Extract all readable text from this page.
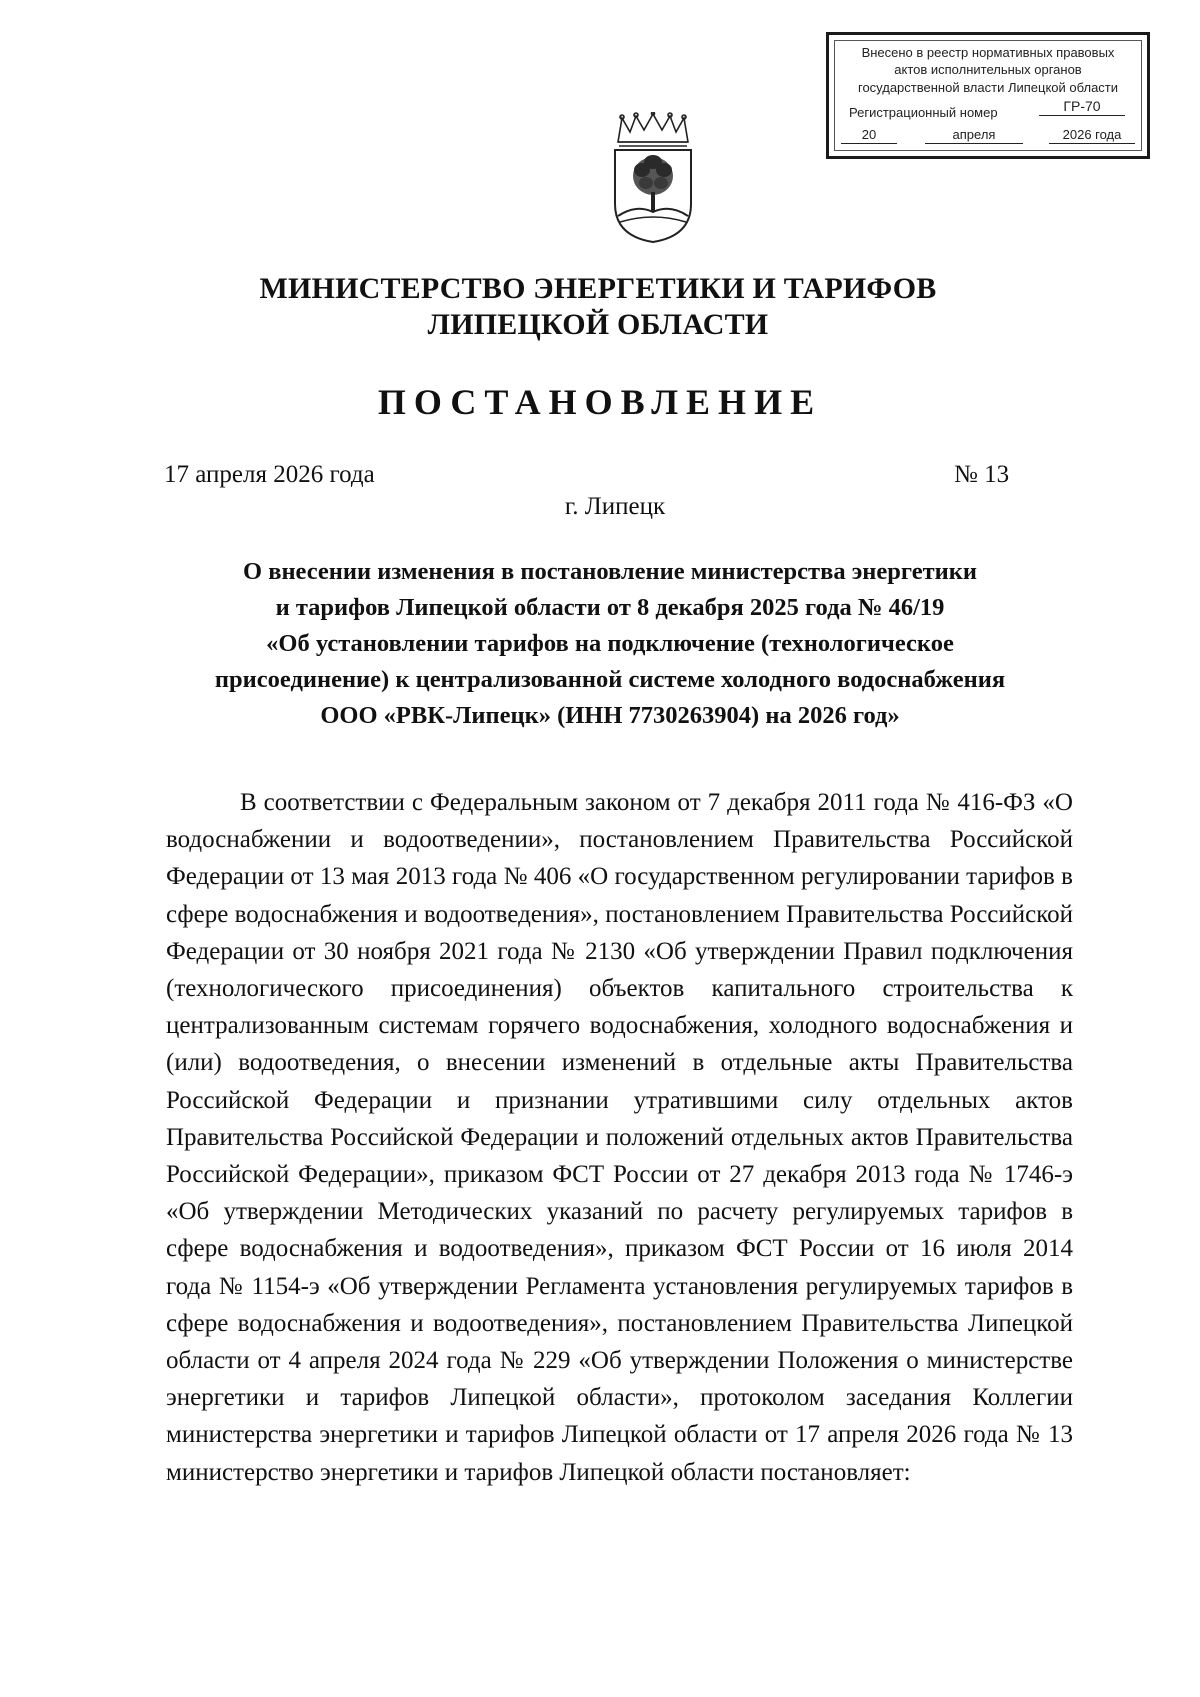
Внесено в реестр нормативных правовых
актов исполнительных органов
государственной власти Липецкой области
Регистрационный номер	ГР-70
20	апреля	2026 года
МИНИСТЕРСТВО ЭНЕРГЕТИКИ И ТАРИФОВ
ЛИПЕЦКОЙ ОБЛАСТИ
ПОСТАНОВЛЕНИЕ
17 апреля 2026 года	№ 13
г. Липецк
О внесении изменения в постановление министерства энергетики
и тарифов Липецкой области от 8 декабря 2025 года № 46/19
«Об установлении тарифов на подключение (технологическое
присоединение) к централизованной системе холодного водоснабжения
ООО «РВК-Липецк» (ИНН 7730263904) на 2026 год»
В соответствии с Федеральным законом от 7 декабря 2011 года № 416-ФЗ «О водоснабжении и водоотведении», постановлением Правительства Российской Федерации от 13 мая 2013 года № 406 «О государственном регулировании тарифов в сфере водоснабжения и водоотведения», постановлением Правительства Российской Федерации от 30 ноября 2021 года № 2130 «Об утверждении Правил подключения (технологического присоединения) объектов капитального строительства к централизованным системам горячего водоснабжения, холодного водоснабжения и (или) водоотведения, о внесении изменений в отдельные акты Правительства Российской Федерации и признании утратившими силу отдельных актов Правительства Российской Федерации и положений отдельных актов Правительства Российской Федерации», приказом ФСТ России от 27 декабря 2013 года № 1746-э «Об утверждении Методических указаний по расчету регулируемых тарифов в сфере водоснабжения и водоотведения», приказом ФСТ России от 16 июля 2014 года № 1154-э «Об утверждении Регламента установления регулируемых тарифов в сфере водоснабжения и водоотведения», постановлением Правительства Липецкой области от 4 апреля 2024 года № 229 «Об утверждении Положения о министерстве энергетики и тарифов Липецкой области», протоколом заседания Коллегии министерства энергетики и тарифов Липецкой области от 17 апреля 2026 года № 13 министерство энергетики и тарифов Липецкой области постановляет:
